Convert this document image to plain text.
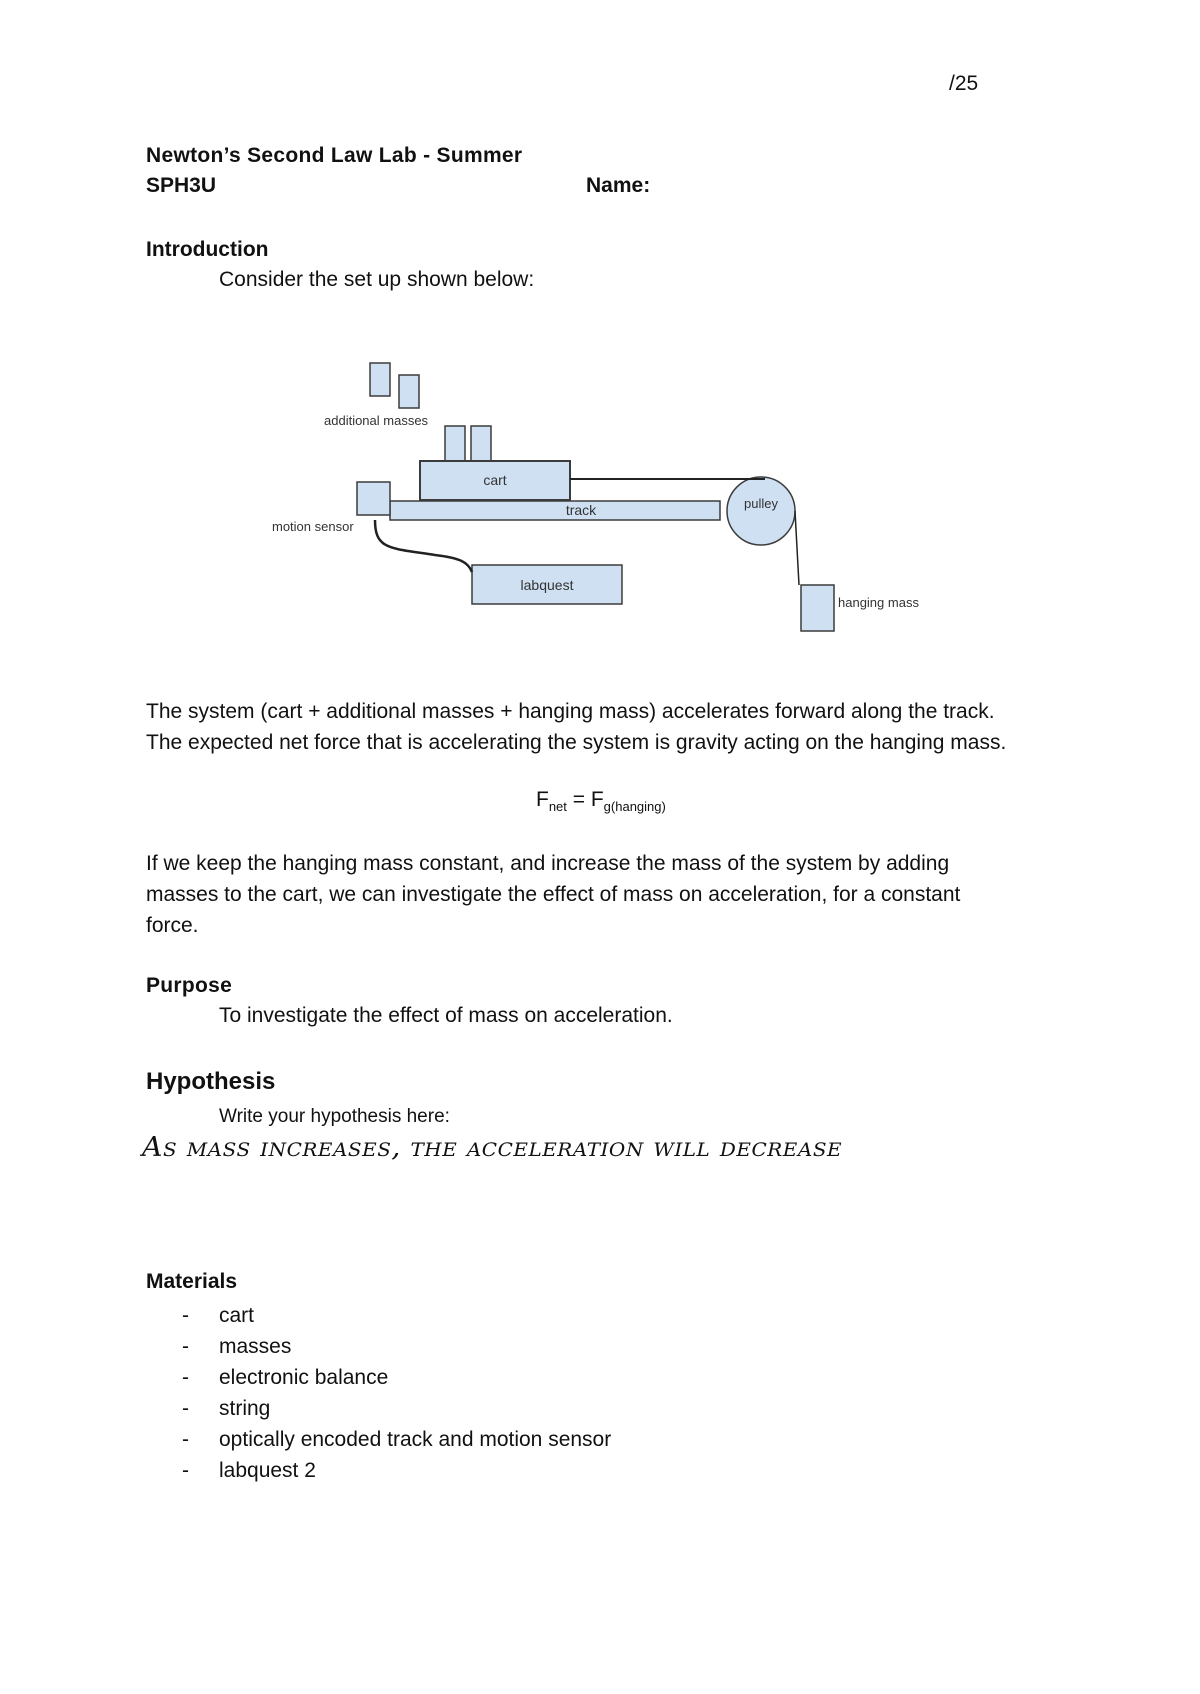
/25
Newton’s Second Law Lab - Summer
SPH3U	Name:
Introduction
Consider the set up shown below:
additional masses
cart
track	pulley
motion sensor
labquest
hanging mass
The system (cart + additional masses + hanging mass) accelerates forward along the track.
The expected net force that is accelerating the system is gravity acting on the hanging mass.
$F_{net} = F_{g(hanging)}$
If we keep the hanging mass constant, and increase the mass of the system by adding
masses to the cart, we can investigate the effect of mass on acceleration, for a constant
force.
Purpose
To investigate the effect of mass on acceleration.
Hypothesis
Write your hypothesis here:
As mass increases, the acceleration will decrease
Materials
- cart
- masses
- electronic balance
- string
- optically encoded track and motion sensor
- labquest 2
